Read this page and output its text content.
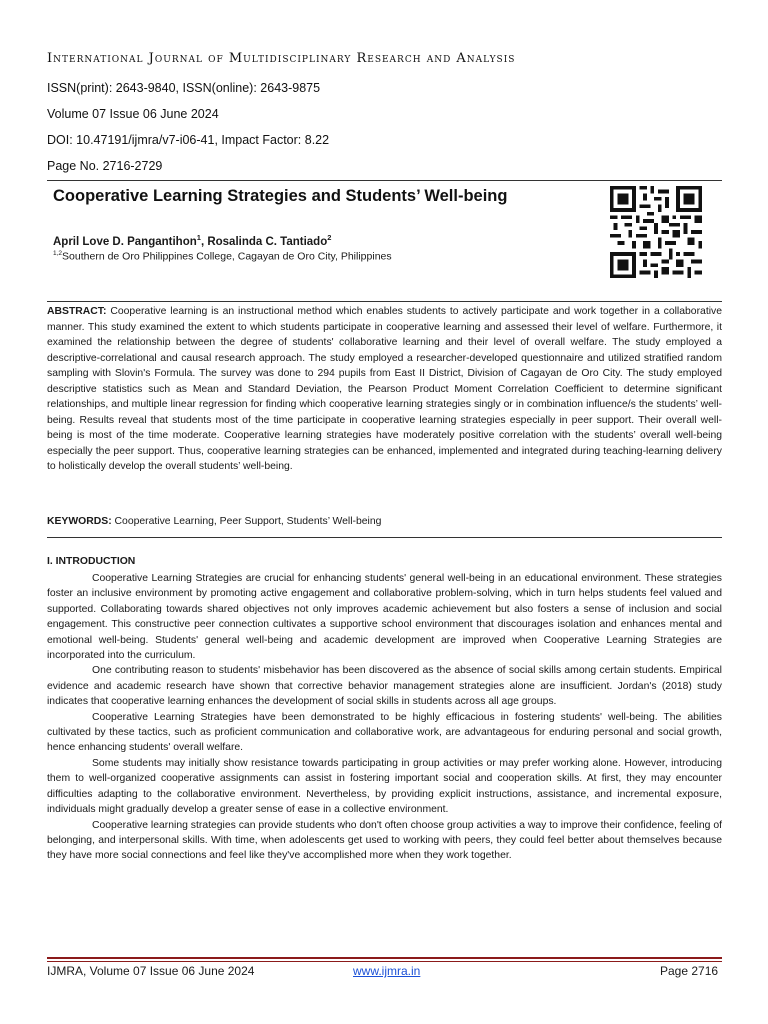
International Journal of Multidisciplinary Research and Analysis
ISSN(print): 2643-9840, ISSN(online): 2643-9875
Volume 07 Issue 06 June 2024
DOI: 10.47191/ijmra/v7-i06-41, Impact Factor: 8.22
Page No. 2716-2729
Cooperative Learning Strategies and Students’ Well-being
April Love D. Pangantihon$^1$, Rosalinda C. Tantiado$^2$
$^{1,2}$Southern de Oro Philippines College, Cagayan de Oro City, Philippines
ABSTRACT: Cooperative learning is an instructional method which enables students to actively participate and work together in a collaborative manner. This study examined the extent to which students participate in cooperative learning and assessed their level of welfare. Furthermore, it examined the relationship between the degree of students' collaborative learning and their level of overall welfare. The study employed a descriptive-correlational and causal research approach. The study employed a researcher-developed questionnaire and utilized stratified random sampling with Slovin's Formula. The survey was done to 294 pupils from East II District, Division of Cagayan de Oro City. The study employed descriptive statistics such as Mean and Standard Deviation, the Pearson Product Moment Correlation Coefficient to determine significant relationships, and multiple linear regression for finding which cooperative learning strategies singly or in combination influence/s the students’ well-being. Results reveal that students most of the time participate in cooperative learning strategies especially in peer support. Their overall well-being is most of the time moderate. Cooperative learning strategies have moderately positive correlation with the students’ overall well-being especially the peer support. Thus, cooperative learning strategies can be enhanced, implemented and integrated during teaching-learning delivery to holistically develop the overall students’ well-being.
KEYWORDS: Cooperative Learning, Peer Support, Students’ Well-being
I. INTRODUCTION

Cooperative Learning Strategies are crucial for enhancing students' general well-being in an educational environment. These strategies foster an inclusive environment by promoting active engagement and collaborative problem-solving, which in turn helps students feel valued and supported. Collaborating towards shared objectives not only improves academic achievement but also fosters a sense of inclusion and social engagement. This constructive peer connection cultivates a supportive school environment that discourages isolation and enhances mental and emotional well-being. Students' general well-being and academic development are improved when Cooperative Learning Strategies are incorporated into the curriculum.

One contributing reason to students' misbehavior has been discovered as the absence of social skills among certain students. Empirical evidence and academic research have shown that corrective behavior management strategies alone are insufficient. Jordan's (2018) study indicates that cooperative learning enhances the development of social skills in students across all age groups.

Cooperative Learning Strategies have been demonstrated to be highly efficacious in fostering students' well-being. The abilities cultivated by these tactics, such as proficient communication and collaborative work, are advantageous for enduring personal and social growth, hence enhancing students' overall welfare.

Some students may initially show resistance towards participating in group activities or may prefer working alone. However, introducing them to well-organized cooperative assignments can assist in fostering important social and cooperation skills. At first, they may encounter difficulties adapting to the collaborative environment. Nevertheless, by providing explicit instructions, assistance, and incremental exposure, individuals might gradually develop a greater sense of ease in a collective environment.

Cooperative learning strategies can provide students who don't often choose group activities a way to improve their confidence, feeling of belonging, and interpersonal skills. With time, when adolescents get used to working with peers, they could feel better about themselves because they have more social connections and feel like they've accomplished more when they work together.

IJMRA, Volume 07 Issue 06 June 2024	www.ijmra.in	Page 2716
